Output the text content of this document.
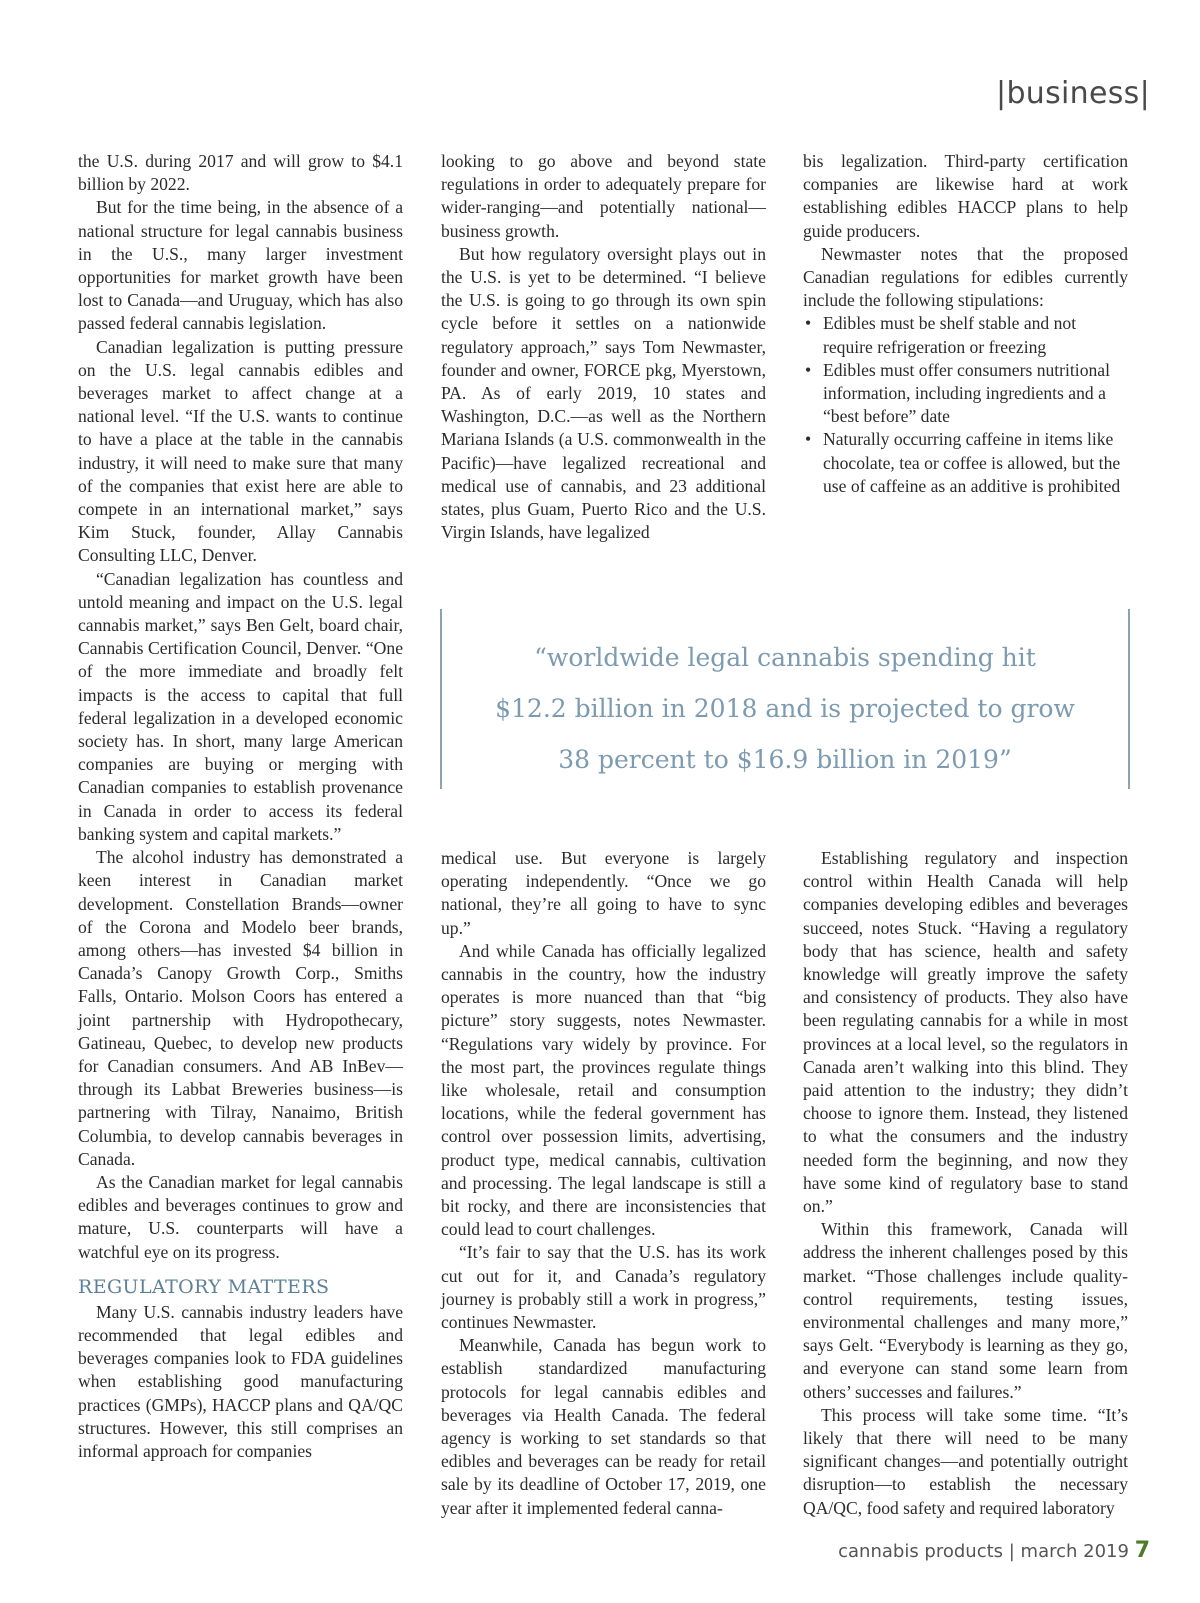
|business|

the U.S. during 2017 and will grow to $4.1 billion by 2022.

But for the time being, in the absence of a national structure for legal cannabis business in the U.S., many larger investment opportunities for market growth have been lost to Canada—and Uruguay, which has also passed federal cannabis legislation.

Canadian legalization is putting pressure on the U.S. legal cannabis edibles and beverages market to affect change at a national level. “If the U.S. wants to continue to have a place at the table in the cannabis industry, it will need to make sure that many of the companies that exist here are able to compete in an international market,” says Kim Stuck, founder, Allay Cannabis Consulting LLC, Denver.

“Canadian legalization has countless and untold meaning and impact on the U.S. legal cannabis market,” says Ben Gelt, board chair, Cannabis Certification Council, Denver. “One of the more immediate and broadly felt impacts is the access to capital that full federal legalization in a developed economic society has. In short, many large American companies are buying or merging with Canadian companies to establish provenance in Canada in order to access its federal banking system and capital markets.”

The alcohol industry has demonstrated a keen interest in Canadian market development. Constellation Brands—owner of the Corona and Modelo beer brands, among others—has invested $4 billion in Canada’s Canopy Growth Corp., Smiths Falls, Ontario. Molson Coors has entered a joint partnership with Hydropothecary, Gatineau, Quebec, to develop new products for Canadian consumers. And AB InBev—through its Labbat Breweries business—is partnering with Tilray, Nanaimo, British Columbia, to develop cannabis beverages in Canada.

As the Canadian market for legal cannabis edibles and beverages continues to grow and mature, U.S. counterparts will have a watchful eye on its progress.

REGULATORY MATTERS

Many U.S. cannabis industry leaders have recommended that legal edibles and beverages companies look to FDA guidelines when establishing good manufacturing practices (GMPs), HACCP plans and QA/QC structures. However, this still comprises an informal approach for companies

looking to go above and beyond state regulations in order to adequately prepare for wider-ranging—and potentially national—business growth.

But how regulatory oversight plays out in the U.S. is yet to be determined. “I believe the U.S. is going to go through its own spin cycle before it settles on a nationwide regulatory approach,” says Tom Newmaster, founder and owner, FORCE pkg, Myerstown, PA. As of early 2019, 10 states and Washington, D.C.—as well as the Northern Mariana Islands (a U.S. commonwealth in the Pacific)—have legalized recreational and medical use of cannabis, and 23 additional states, plus Guam, Puerto Rico and the U.S. Virgin Islands, have legalized

bis legalization. Third-party certification companies are likewise hard at work establishing edibles HACCP plans to help guide producers.

Newmaster notes that the proposed Canadian regulations for edibles currently include the following stipulations:

• Edibles must be shelf stable and not require refrigeration or freezing
• Edibles must offer consumers nutritional information, including ingredients and a “best before” date
• Naturally occurring caffeine in items like chocolate, tea or coffee is allowed, but the use of caffeine as an additive is prohibited
“worldwide legal cannabis spending hit
$12.2 billion in 2018 and is projected to grow
38 percent to $16.9 billion in 2019”

medical use. But everyone is largely operating independently. “Once we go national, they’re all going to have to sync up.”

And while Canada has officially legalized cannabis in the country, how the industry operates is more nuanced than that “big picture” story suggests, notes Newmaster. “Regulations vary widely by province. For the most part, the provinces regulate things like wholesale, retail and consumption locations, while the federal government has control over possession limits, advertising, product type, medical cannabis, cultivation and processing. The legal landscape is still a bit rocky, and there are inconsistencies that could lead to court challenges.

“It’s fair to say that the U.S. has its work cut out for it, and Canada’s regulatory journey is probably still a work in progress,” continues Newmaster.

Meanwhile, Canada has begun work to establish standardized manufacturing protocols for legal cannabis edibles and beverages via Health Canada. The federal agency is working to set standards so that edibles and beverages can be ready for retail sale by its deadline of October 17, 2019, one year after it implemented federal canna-

Establishing regulatory and inspection control within Health Canada will help companies developing edibles and beverages succeed, notes Stuck. “Having a regulatory body that has science, health and safety knowledge will greatly improve the safety and consistency of products. They also have been regulating cannabis for a while in most provinces at a local level, so the regulators in Canada aren’t walking into this blind. They paid attention to the industry; they didn’t choose to ignore them. Instead, they listened to what the consumers and the industry needed form the beginning, and now they have some kind of regulatory base to stand on.”

Within this framework, Canada will address the inherent challenges posed by this market. “Those challenges include quality-control requirements, testing issues, environmental challenges and many more,” says Gelt. “Everybody is learning as they go, and everyone can stand some learn from others’ successes and failures.”

This process will take some time. “It’s likely that there will need to be many significant changes—and potentially outright disruption—to establish the necessary QA/QC, food safety and required laboratory

cannabis products | march 2019 7
